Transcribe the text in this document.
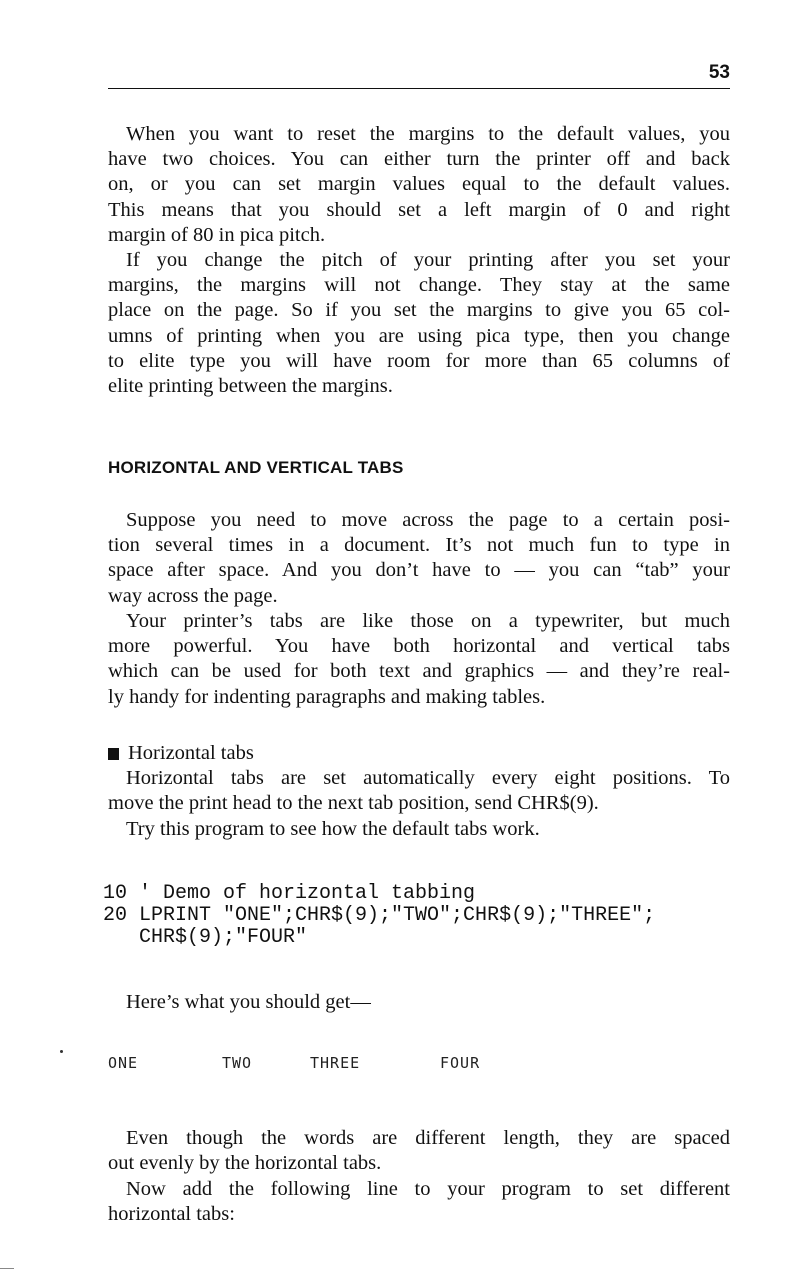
53
When you want to reset the margins to the default values, you
have two choices. You can either turn the printer off and back
on, or you can set margin values equal to the default values.
This means that you should set a left margin of 0 and right
margin of 80 in pica pitch.
If you change the pitch of your printing after you set your
margins, the margins will not change. They stay at the same
place on the page. So if you set the margins to give you 65 col-
umns of printing when you are using pica type, then you change
to elite type you will have room for more than 65 columns of
elite printing between the margins.
HORIZONTAL AND VERTICAL TABS
Suppose you need to move across the page to a certain posi-
tion several times in a document. It’s not much fun to type in
space after space. And you don’t have to — you can “tab” your
way across the page.
Your printer’s tabs are like those on a typewriter, but much
more powerful. You have both horizontal and vertical tabs
which can be used for both text and graphics — and they’re real-
ly handy for indenting paragraphs and making tables.
Horizontal tabs
Horizontal tabs are set automatically every eight positions. To
move the print head to the next tab position, send CHR$(9).
Try this program to see how the default tabs work.
10 ' Demo of horizontal tabbing
20 LPRINT "ONE";CHR$(9);"TWO";CHR$(9);"THREE";
CHR$(9);"FOUR"
Here’s what you should get—
ONE	TWO	THREE	FOUR
Even though the words are different length, they are spaced
out evenly by the horizontal tabs.
Now add the following line to your program to set different
horizontal tabs:
